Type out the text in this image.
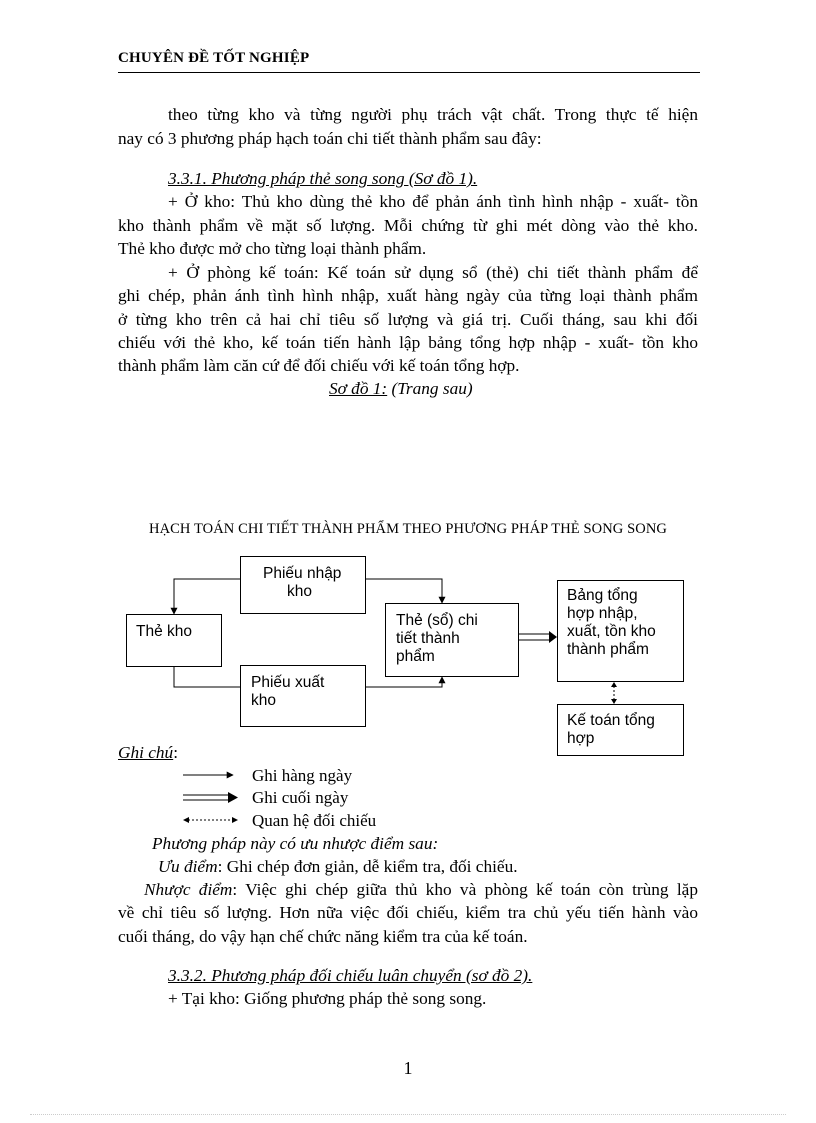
CHUYÊN ĐỀ TỐT NGHIỆP
theo từng kho và từng người phụ trách vật chất. Trong thực tế hiện
nay có 3 phương pháp hạch toán chi tiết thành phẩm sau đây:
3.3.1. Phương pháp thẻ song song (Sơ đồ 1).
+ Ở kho: Thủ kho dùng thẻ kho để phản ánh tình hình nhập - xuất- tồn
kho thành phẩm về mặt số lượng. Mỗi chứng từ ghi mét dòng vào thẻ kho.
Thẻ kho được mở cho từng loại thành phẩm.
+ Ở phòng kế toán: Kế toán sử dụng sổ (thẻ) chi tiết thành phẩm để
ghi chép, phản ánh tình hình nhập, xuất hàng ngày của từng loại thành phẩm
ở từng kho trên cả hai chỉ tiêu số lượng và giá trị. Cuối tháng, sau khi đối
chiếu với thẻ kho, kế toán tiến hành lập bảng tổng hợp nhập - xuất- tồn kho
thành phẩm làm căn cứ để đối chiếu với kế toán tổng hợp.
Sơ đồ 1: (Trang sau)
HẠCH TOÁN CHI TIẾT THÀNH PHẨM THEO PHƯƠNG PHÁP THẺ SONG SONG
Phiếu nhập
kho
Thẻ kho
Thẻ (sổ) chi
tiết thành
phẩm
Phiếu xuất
kho
Bảng tổng
hợp nhập,
xuất, tồn kho
thành phẩm
Kế toán tổng
hợp
Ghi chú:
Ghi hàng ngày
Ghi cuối ngày
Quan hệ đối chiếu
Phương pháp này có ưu nhược điểm sau:
Ưu điểm: Ghi chép đơn giản, dễ kiểm tra, đối chiếu.
Nhược điểm: Việc ghi chép giữa thủ kho và phòng kế toán còn trùng lặp
về chỉ tiêu số lượng. Hơn nữa việc đối chiếu, kiểm tra chủ yếu tiến hành vào
cuối tháng, do vậy hạn chế chức năng kiểm tra của kế toán.
3.3.2. Phương pháp đối chiếu luân chuyển (sơ đồ 2).
+ Tại kho: Giống phương pháp thẻ song song.
1
